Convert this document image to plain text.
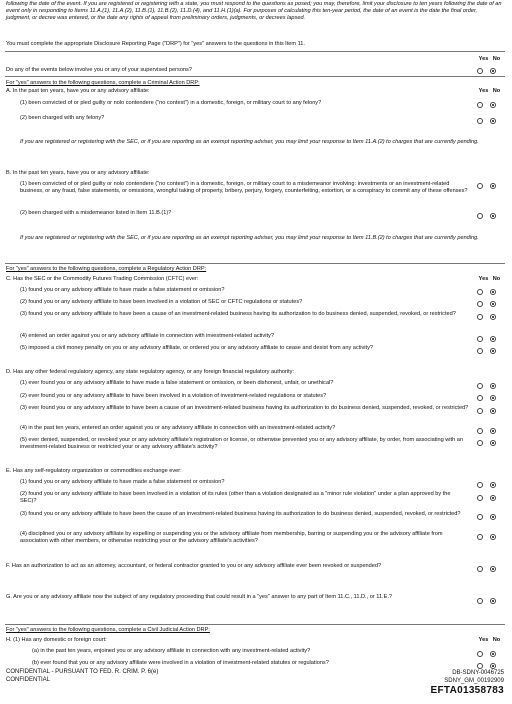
following the date of the event. If you are registered or registering with a state, you must respond to the questions as posed; you may, therefore, limit your disclosure to ten years following the date of an event only in responding to Items 11.A.(1), 11.A.(2), 11.B.(1), 11.B.(2), 11.D.(4), and 11.H.(1)(a). For purposes of calculating this ten-year period, the date of an event is the date the final order, judgment, or decree was entered, or the date any rights of appeal from preliminary orders, judgments, or decrees lapsed.
You must complete the appropriate Disclosure Reporting Page ("DRP") for "yes" answers to the questions in this Item 11.
Yes No
Do any of the events below involve you or any of your supervised persons?
For "yes" answers to the following questions, complete a Criminal Action DRP:
A. In the past ten years, have you or any advisory affiliate:	Yes No
(1) been convicted of or pled guilty or nolo contendere ("no contest") in a domestic, foreign, or military court to any felony?
(2) been charged with any felony?
If you are registered or registering with the SEC, or if you are reporting as an exempt reporting adviser, you may limit your response to Item 11.A.(2) to charges that are currently pending.
B. In the past ten years, have you or any advisory affiliate:
(1) been convicted of or pled guilty or nolo contendere ("no contest") in a domestic, foreign, or military court to a misdemeanor involving: investments or an investment-related business, or any fraud, false statements, or omissions, wrongful taking of property, bribery, perjury, forgery, counterfeiting, extortion, or a conspiracy to commit any of these offenses?
(2) been charged with a misdemeanor listed in Item 11.B.(1)?
If you are registered or registering with the SEC, or if you are reporting as an exempt reporting adviser, you may limit your response to Item 11.B.(2) to charges that are currently pending.
For "yes" answers to the following questions, complete a Regulatory Action DRP:
C. Has the SEC or the Commodity Futures Trading Commission (CFTC) ever:	Yes No
(1) found you or any advisory affiliate to have made a false statement or omission?
(2) found you or any advisory affiliate to have been involved in a violation of SEC or CFTC regulations or statutes?
(3) found you or any advisory affiliate to have been a cause of an investment-related business having its authorization to do business denied, suspended, revoked, or restricted?
(4) entered an order against you or any advisory affiliate in connection with investment-related activity?
(5) imposed a civil money penalty on you or any advisory affiliate, or ordered you or any advisory affiliate to cease and desist from any activity?
D. Has any other federal regulatory agency, any state regulatory agency, or any foreign financial regulatory authority:
(1) ever found you or any advisory affiliate to have made a false statement or omission, or been dishonest, unfair, or unethical?
(2) ever found you or any advisory affiliate to have been involved in a violation of investment-related regulations or statutes?
(3) ever found you or any advisory affiliate to have been a cause of an investment-related business having its authorization to do business denied, suspended, revoked, or restricted?
(4) in the past ten years, entered an order against you or any advisory affiliate in connection with an investment-related activity?
(5) ever denied, suspended, or revoked your or any advisory affiliate's registration or license, or otherwise prevented you or any advisory affiliate, by order, from associating with an investment-related business or restricted your or any advisory affiliate's activity?
E. Has any self-regulatory organization or commodities exchange ever:
(1) found you or any advisory affiliate to have made a false statement or omission?
(2) found you or any advisory affiliate to have been involved in a violation of its rules (other than a violation designated as a "minor rule violation" under a plan approved by the SEC)?
(3) found you or any advisory affiliate to have been the cause of an investment-related business having its authorization to do business denied, suspended, revoked, or restricted?
(4) disciplined you or any advisory affiliate by expelling or suspending you or the advisory affiliate from membership, barring or suspending you or the advisory affiliate from association with other members, or otherwise restricting your or the advisory affiliate's activities?
F. Has an authorization to act as an attorney, accountant, or federal contractor granted to you or any advisory affiliate ever been revoked or suspended?
G. Are you or any advisory affiliate now the subject of any regulatory proceeding that could result in a "yes" answer to any part of Item 11.C., 11.D., or 11.E.?
For "yes" answers to the following questions, complete a Civil Judicial Action DRP:
H. (1) Has any domestic or foreign court:	Yes No
(a) in the past ten years, enjoined you or any advisory affiliate in connection with any investment-related activity?
(b) ever found that you or any advisory affiliate were involved in a violation of investment-related statutes or regulations?
CONFIDENTIAL - PURSUANT TO FED. R. CRIM. P. 6(e)
CONFIDENTIAL
DB-SDNY-0046725
SDNY_GM_00192909
EFTA01358783
